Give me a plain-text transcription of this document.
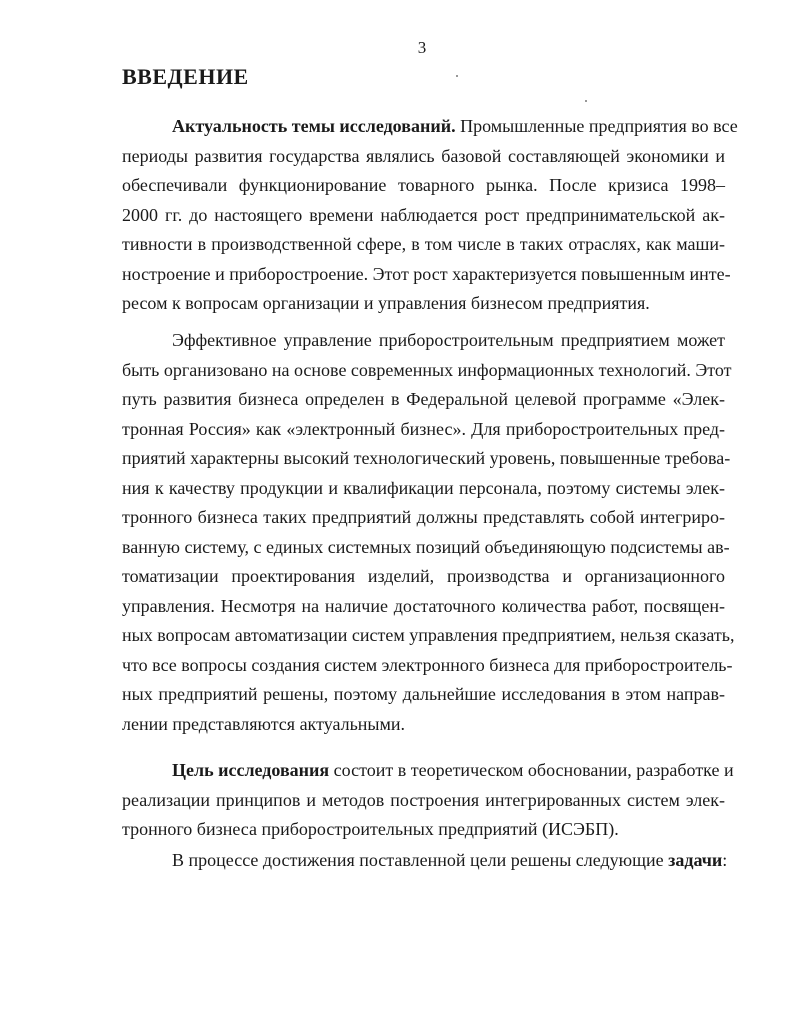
3
ВВЕДЕНИЕ
Актуальность темы исследований. Промышленные предприятия во все
периоды развития государства являлись базовой составляющей экономики и
обеспечивали функционирование товарного рынка. После кризиса 1998–
2000 гг. до настоящего времени наблюдается рост предпринимательской ак-
тивности в производственной сфере, в том числе в таких отраслях, как маши-
ностроение и приборостроение. Этот рост характеризуется повышенным инте-
ресом к вопросам организации и управления бизнесом предприятия.
Эффективное управление приборостроительным предприятием может
быть организовано на основе современных информационных технологий. Этот
путь развития бизнеса определен в Федеральной целевой программе «Элек-
тронная Россия» как «электронный бизнес». Для приборостроительных пред-
приятий характерны высокий технологический уровень, повышенные требова-
ния к качеству продукции и квалификации персонала, поэтому системы элек-
тронного бизнеса таких предприятий должны представлять собой интегриро-
ванную систему, с единых системных позиций объединяющую подсистемы ав-
томатизации проектирования изделий, производства и организационного
управления. Несмотря на наличие достаточного количества работ, посвящен-
ных вопросам автоматизации систем управления предприятием, нельзя сказать,
что все вопросы создания систем электронного бизнеса для приборостроитель-
ных предприятий решены, поэтому дальнейшие исследования в этом направ-
лении представляются актуальными.
Цель исследования состоит в теоретическом обосновании, разработке и
реализации принципов и методов построения интегрированных систем элек-
тронного бизнеса приборостроительных предприятий (ИСЭБП).
В процессе достижения поставленной цели решены следующие задачи:
